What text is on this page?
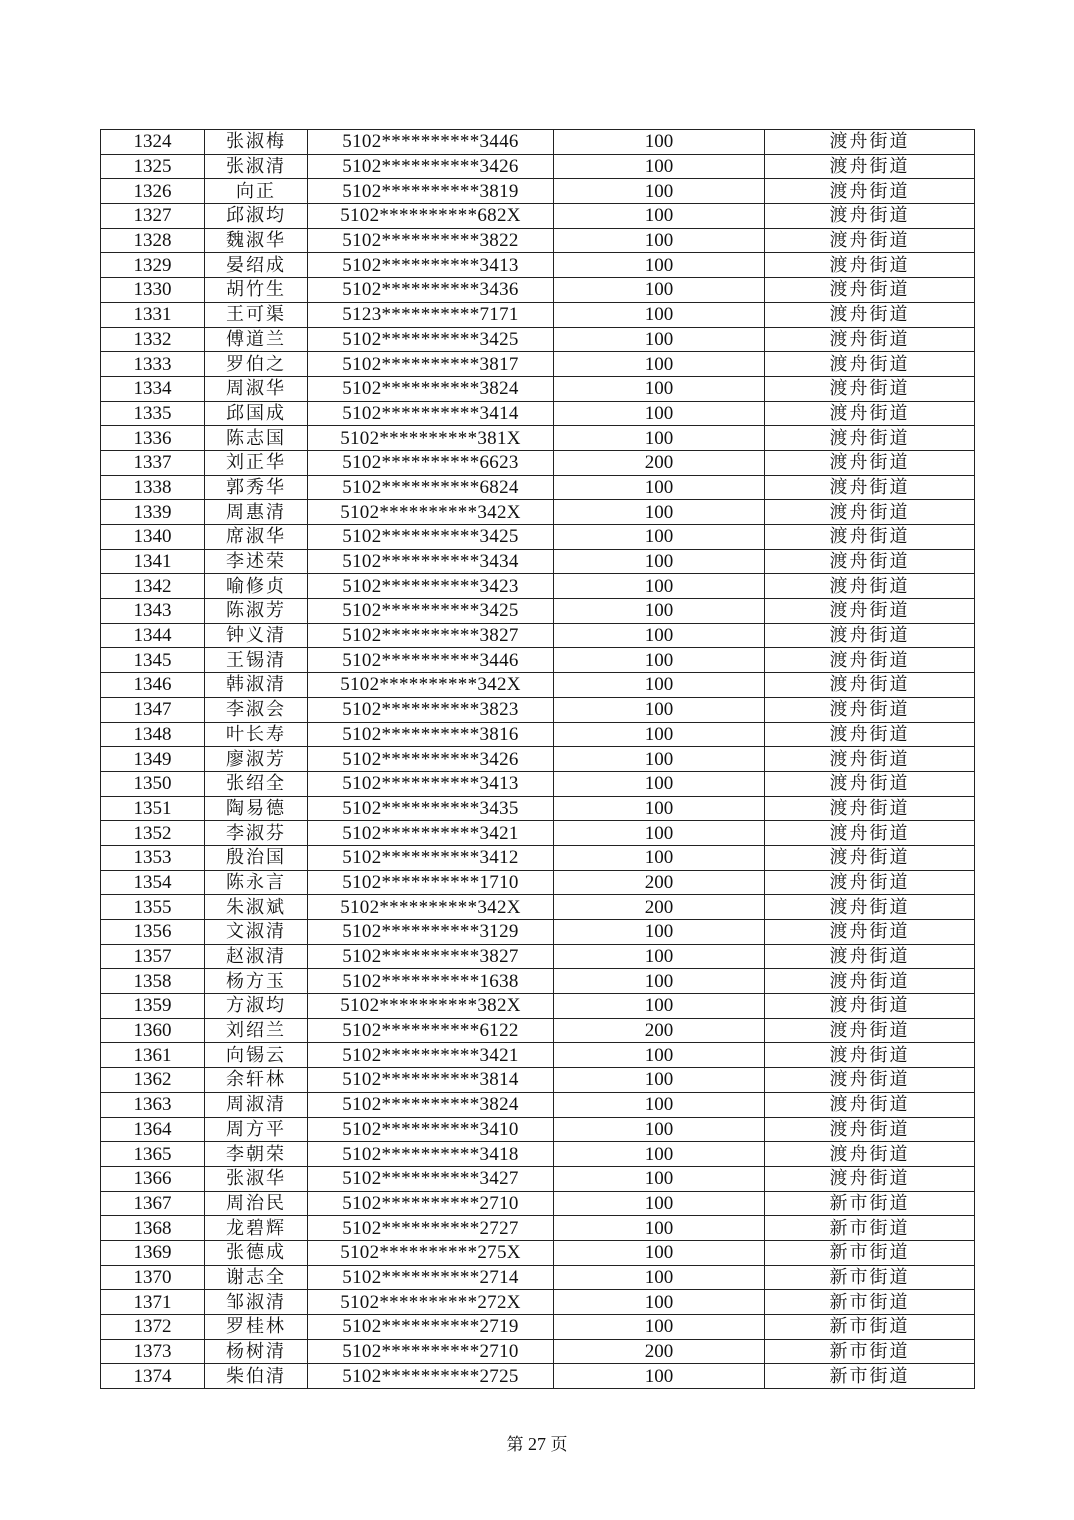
1324	张淑梅	5102**********3446	100	渡舟街道
1325	张淑清	5102**********3426	100	渡舟街道
1326	向正	5102**********3819	100	渡舟街道
1327	邱淑均	5102**********682X	100	渡舟街道
1328	魏淑华	5102**********3822	100	渡舟街道
1329	晏绍成	5102**********3413	100	渡舟街道
1330	胡竹生	5102**********3436	100	渡舟街道
1331	王可渠	5123**********7171	100	渡舟街道
1332	傅道兰	5102**********3425	100	渡舟街道
1333	罗伯之	5102**********3817	100	渡舟街道
1334	周淑华	5102**********3824	100	渡舟街道
1335	邱国成	5102**********3414	100	渡舟街道
1336	陈志国	5102**********381X	100	渡舟街道
1337	刘正华	5102**********6623	200	渡舟街道
1338	郭秀华	5102**********6824	100	渡舟街道
1339	周惠清	5102**********342X	100	渡舟街道
1340	席淑华	5102**********3425	100	渡舟街道
1341	李述荣	5102**********3434	100	渡舟街道
1342	喻修贞	5102**********3423	100	渡舟街道
1343	陈淑芳	5102**********3425	100	渡舟街道
1344	钟义清	5102**********3827	100	渡舟街道
1345	王锡清	5102**********3446	100	渡舟街道
1346	韩淑清	5102**********342X	100	渡舟街道
1347	李淑会	5102**********3823	100	渡舟街道
1348	叶长寿	5102**********3816	100	渡舟街道
1349	廖淑芳	5102**********3426	100	渡舟街道
1350	张绍全	5102**********3413	100	渡舟街道
1351	陶易德	5102**********3435	100	渡舟街道
1352	李淑芬	5102**********3421	100	渡舟街道
1353	殷治国	5102**********3412	100	渡舟街道
1354	陈永言	5102**********1710	200	渡舟街道
1355	朱淑斌	5102**********342X	200	渡舟街道
1356	文淑清	5102**********3129	100	渡舟街道
1357	赵淑清	5102**********3827	100	渡舟街道
1358	杨方玉	5102**********1638	100	渡舟街道
1359	方淑均	5102**********382X	100	渡舟街道
1360	刘绍兰	5102**********6122	200	渡舟街道
1361	向锡云	5102**********3421	100	渡舟街道
1362	余轩林	5102**********3814	100	渡舟街道
1363	周淑清	5102**********3824	100	渡舟街道
1364	周方平	5102**********3410	100	渡舟街道
1365	李朝荣	5102**********3418	100	渡舟街道
1366	张淑华	5102**********3427	100	渡舟街道
1367	周治民	5102**********2710	100	新市街道
1368	龙碧辉	5102**********2727	100	新市街道
1369	张德成	5102**********275X	100	新市街道
1370	谢志全	5102**********2714	100	新市街道
1371	邹淑清	5102**********272X	100	新市街道
1372	罗桂林	5102**********2719	100	新市街道
1373	杨树清	5102**********2710	200	新市街道
1374	柴伯清	5102**********2725	100	新市街道
第 27 页
